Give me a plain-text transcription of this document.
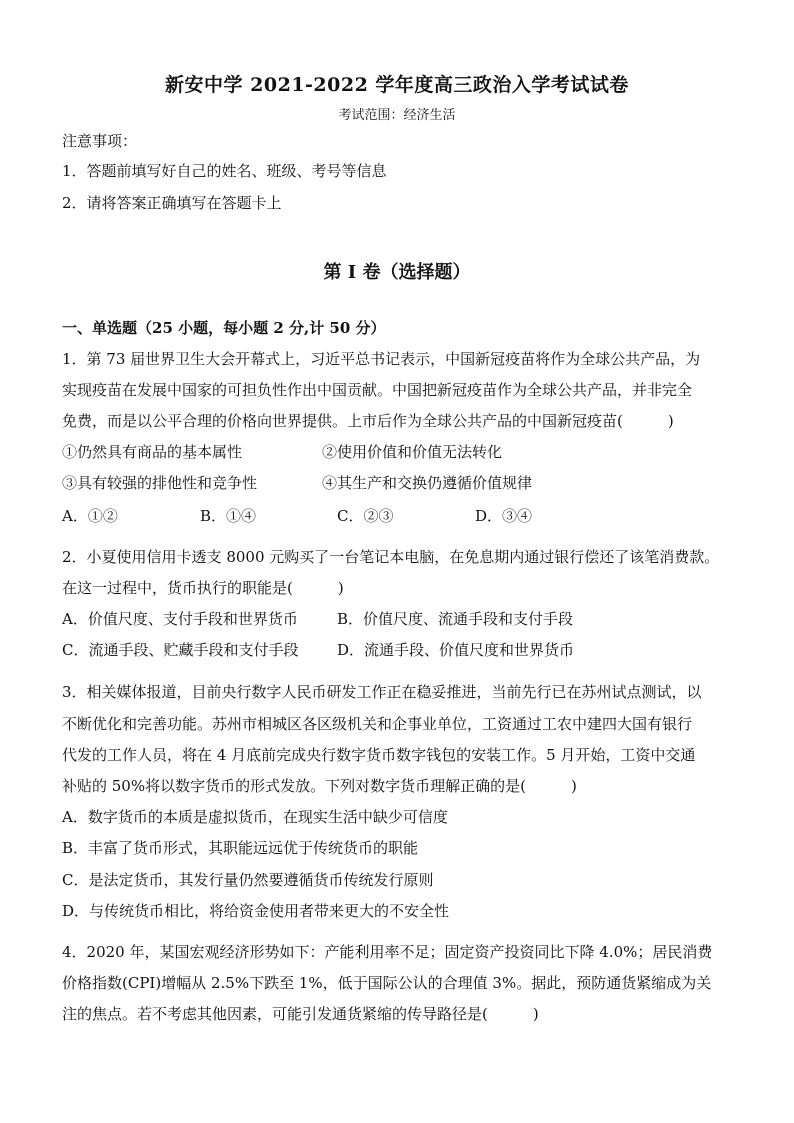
新安中学 2021-2022 学年度高三政治入学考试试卷
考试范围：经济生活
注意事项：
1．答题前填写好自己的姓名、班级、考号等信息
2．请将答案正确填写在答题卡上
第 I 卷（选择题）
一、单选题（25 小题，每小题 2 分,计 50 分）
1．第 73 届世界卫生大会开幕式上，习近平总书记表示，中国新冠疫苗将作为全球公共产品，为
实现疫苗在发展中国家的可担负性作出中国贡献。中国把新冠疫苗作为全球公共产品，并非完全
免费，而是以公平合理的价格向世界提供。上市后作为全球公共产品的中国新冠疫苗(　　　)
①仍然具有商品的基本属性	②使用价值和价值无法转化
③具有较强的排他性和竞争性	④其生产和交换仍遵循价值规律
A．①②	B．①④	C．②③	D．③④
2．小夏使用信用卡透支 8000 元购买了一台笔记本电脑，在免息期内通过银行偿还了该笔消费款。
在这一过程中，货币执行的职能是(　　　)
A．价值尺度、支付手段和世界货币	B．价值尺度、流通手段和支付手段
C．流通手段、贮藏手段和支付手段	D．流通手段、价值尺度和世界货币
3．相关媒体报道，目前央行数字人民币研发工作正在稳妥推进，当前先行已在苏州试点测试，以
不断优化和完善功能。苏州市相城区各区级机关和企事业单位，工资通过工农中建四大国有银行
代发的工作人员，将在 4 月底前完成央行数字货币数字钱包的安装工作。5 月开始，工资中交通
补贴的 50%将以数字货币的形式发放。下列对数字货币理解正确的是(　　　)
A．数字货币的本质是虚拟货币，在现实生活中缺少可信度
B．丰富了货币形式，其职能远远优于传统货币的职能
C．是法定货币，其发行量仍然要遵循货币传统发行原则
D．与传统货币相比，将给资金使用者带来更大的不安全性
4．2020 年，某国宏观经济形势如下：产能利用率不足；固定资产投资同比下降 4.0%；居民消费
价格指数(CPI)增幅从 2.5%下跌至 1%，低于国际公认的合理值 3%。据此，预防通货紧缩成为关
注的焦点。若不考虑其他因素，可能引发通货紧缩的传导路径是(　　　)
